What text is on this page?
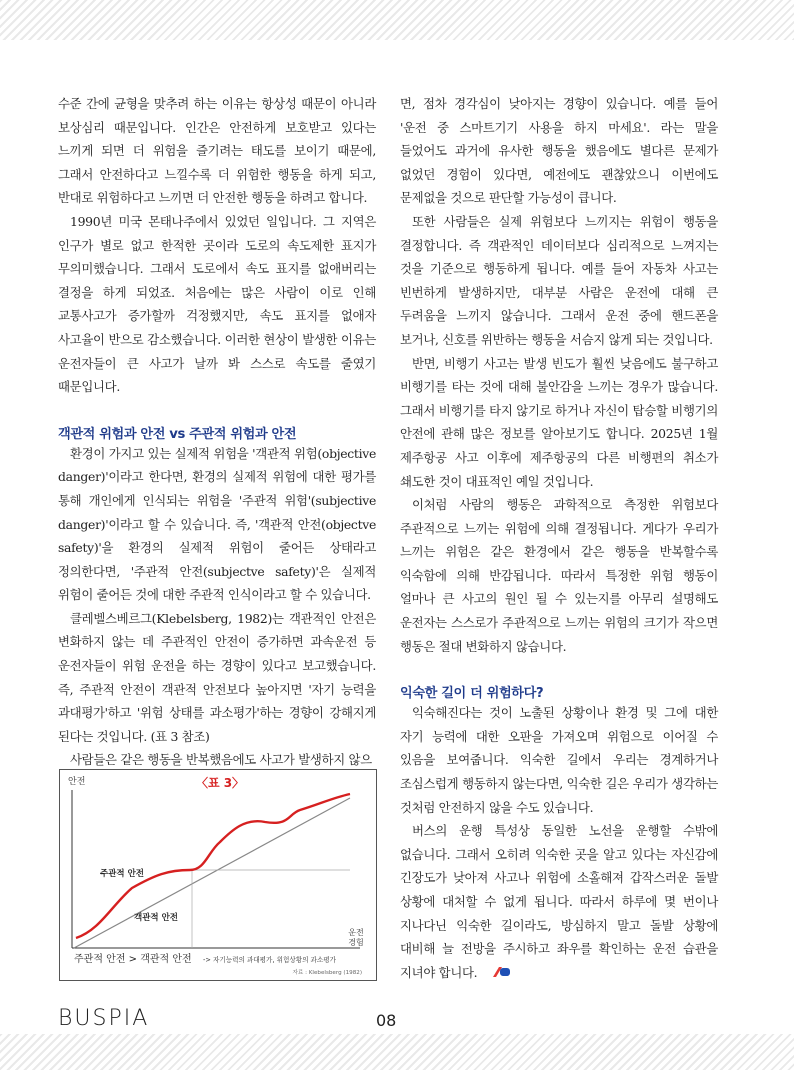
수준 간에 균형을 맞추려 하는 이유는 항상성 때문이 아니라 보상심리 때문입니다. 인간은 안전하게 보호받고 있다는 느끼게 되면 더 위험을 즐기려는 태도를 보이기 때문에, 그래서 안전하다고 느낄수록 더 위험한 행동을 하게 되고, 반대로 위험하다고 느끼면 더 안전한 행동을 하려고 합니다.

1990년 미국 몬태나주에서 있었던 일입니다. 그 지역은 인구가 별로 없고 한적한 곳이라 도로의 속도제한 표지가 무의미했습니다. 그래서 도로에서 속도 표지를 없애버리는 결정을 하게 되었죠. 처음에는 많은 사람이 이로 인해 교통사고가 증가할까 걱정했지만, 속도 표지를 없애자 사고율이 반으로 감소했습니다. 이러한 현상이 발생한 이유는 운전자들이 큰 사고가 날까 봐 스스로 속도를 줄였기 때문입니다.

객관적 위험과 안전 vs 주관적 위험과 안전

환경이 가지고 있는 실제적 위험을 '객관적 위험(objective danger)'이라고 한다면, 환경의 실제적 위험에 대한 평가를 통해 개인에게 인식되는 위험을 '주관적 위험'(subjective danger)'이라고 할 수 있습니다. 즉, '객관적 안전(objectve safety)'을 환경의 실제적 위험이 줄어든 상태라고 정의한다면, '주관적 안전(subjectve safety)'은 실제적 위험이 줄어든 것에 대한 주관적 인식이라고 할 수 있습니다.

클레벨스베르그(Klebelsberg, 1982)는 객관적인 안전은 변화하지 않는 데 주관적인 안전이 증가하면 과속운전 등 운전자들이 위험 운전을 하는 경향이 있다고 보고했습니다. 즉, 주관적 안전이 객관적 안전보다 높아지면 '자기 능력을 과대평가'하고 '위험 상태를 과소평가'하는 경향이 강해지게 된다는 것입니다. (표 3 참조)

사람들은 같은 행동을 반복했음에도 사고가 발생하지 않으

안전
운전
경험
〈표 3〉
주관적 안전
객관적 안전
주관적 안전 > 객관적 안전 -> 자기능력의 과대평가, 위험상황의 과소평가
자료 : Klebelsberg (1982)

면, 점차 경각심이 낮아지는 경향이 있습니다. 예를 들어 '운전 중 스마트기기 사용을 하지 마세요'. 라는 말을 들었어도 과거에 유사한 행동을 했음에도 별다른 문제가 없었던 경험이 있다면, 예전에도 괜찮았으니 이번에도 문제없을 것으로 판단할 가능성이 큽니다.

또한 사람들은 실제 위험보다 느끼지는 위험이 행동을 결정합니다. 즉 객관적인 데이터보다 심리적으로 느껴지는 것을 기준으로 행동하게 됩니다. 예를 들어 자동차 사고는 빈번하게 발생하지만, 대부분 사람은 운전에 대해 큰 두려움을 느끼지 않습니다. 그래서 운전 중에 핸드폰을 보거나, 신호를 위반하는 행동을 서슴지 않게 되는 것입니다.

반면, 비행기 사고는 발생 빈도가 훨씬 낮음에도 불구하고 비행기를 타는 것에 대해 불안감을 느끼는 경우가 많습니다. 그래서 비행기를 타지 않기로 하거나 자신이 탑승할 비행기의 안전에 관해 많은 정보를 알아보기도 합니다. 2025년 1월 제주항공 사고 이후에 제주항공의 다른 비행편의 취소가 쇄도한 것이 대표적인 예일 것입니다.

이처럼 사람의 행동은 과학적으로 측정한 위험보다 주관적으로 느끼는 위험에 의해 결정됩니다. 게다가 우리가 느끼는 위험은 같은 환경에서 같은 행동을 반복할수록 익숙함에 의해 반감됩니다. 따라서 특정한 위험 행동이 얼마나 큰 사고의 원인 될 수 있는지를 아무리 설명해도 운전자는 스스로가 주관적으로 느끼는 위험의 크기가 작으면 행동은 절대 변화하지 않습니다.

익숙한 길이 더 위험하다?

익숙해진다는 것이 노출된 상황이나 환경 및 그에 대한 자기 능력에 대한 오판을 가져오며 위험으로 이어질 수 있음을 보여줍니다. 익숙한 길에서 우리는 경계하거나 조심스럽게 행동하지 않는다면, 익숙한 길은 우리가 생각하는 것처럼 안전하지 않을 수도 있습니다.

버스의 운행 특성상 동일한 노선을 운행할 수밖에 없습니다. 그래서 오히려 익숙한 곳을 알고 있다는 자신감에 긴장도가 낮아져 사고나 위험에 소홀해져 갑작스러운 돌발 상황에 대처할 수 없게 됩니다. 따라서 하루에 몇 번이나 지나다닌 익숙한 길이라도, 방심하지 말고 돌발 상황에 대비해 늘 전방을 주시하고 좌우를 확인하는 운전 습관을 지녀야 합니다.

BUSPIA	08
